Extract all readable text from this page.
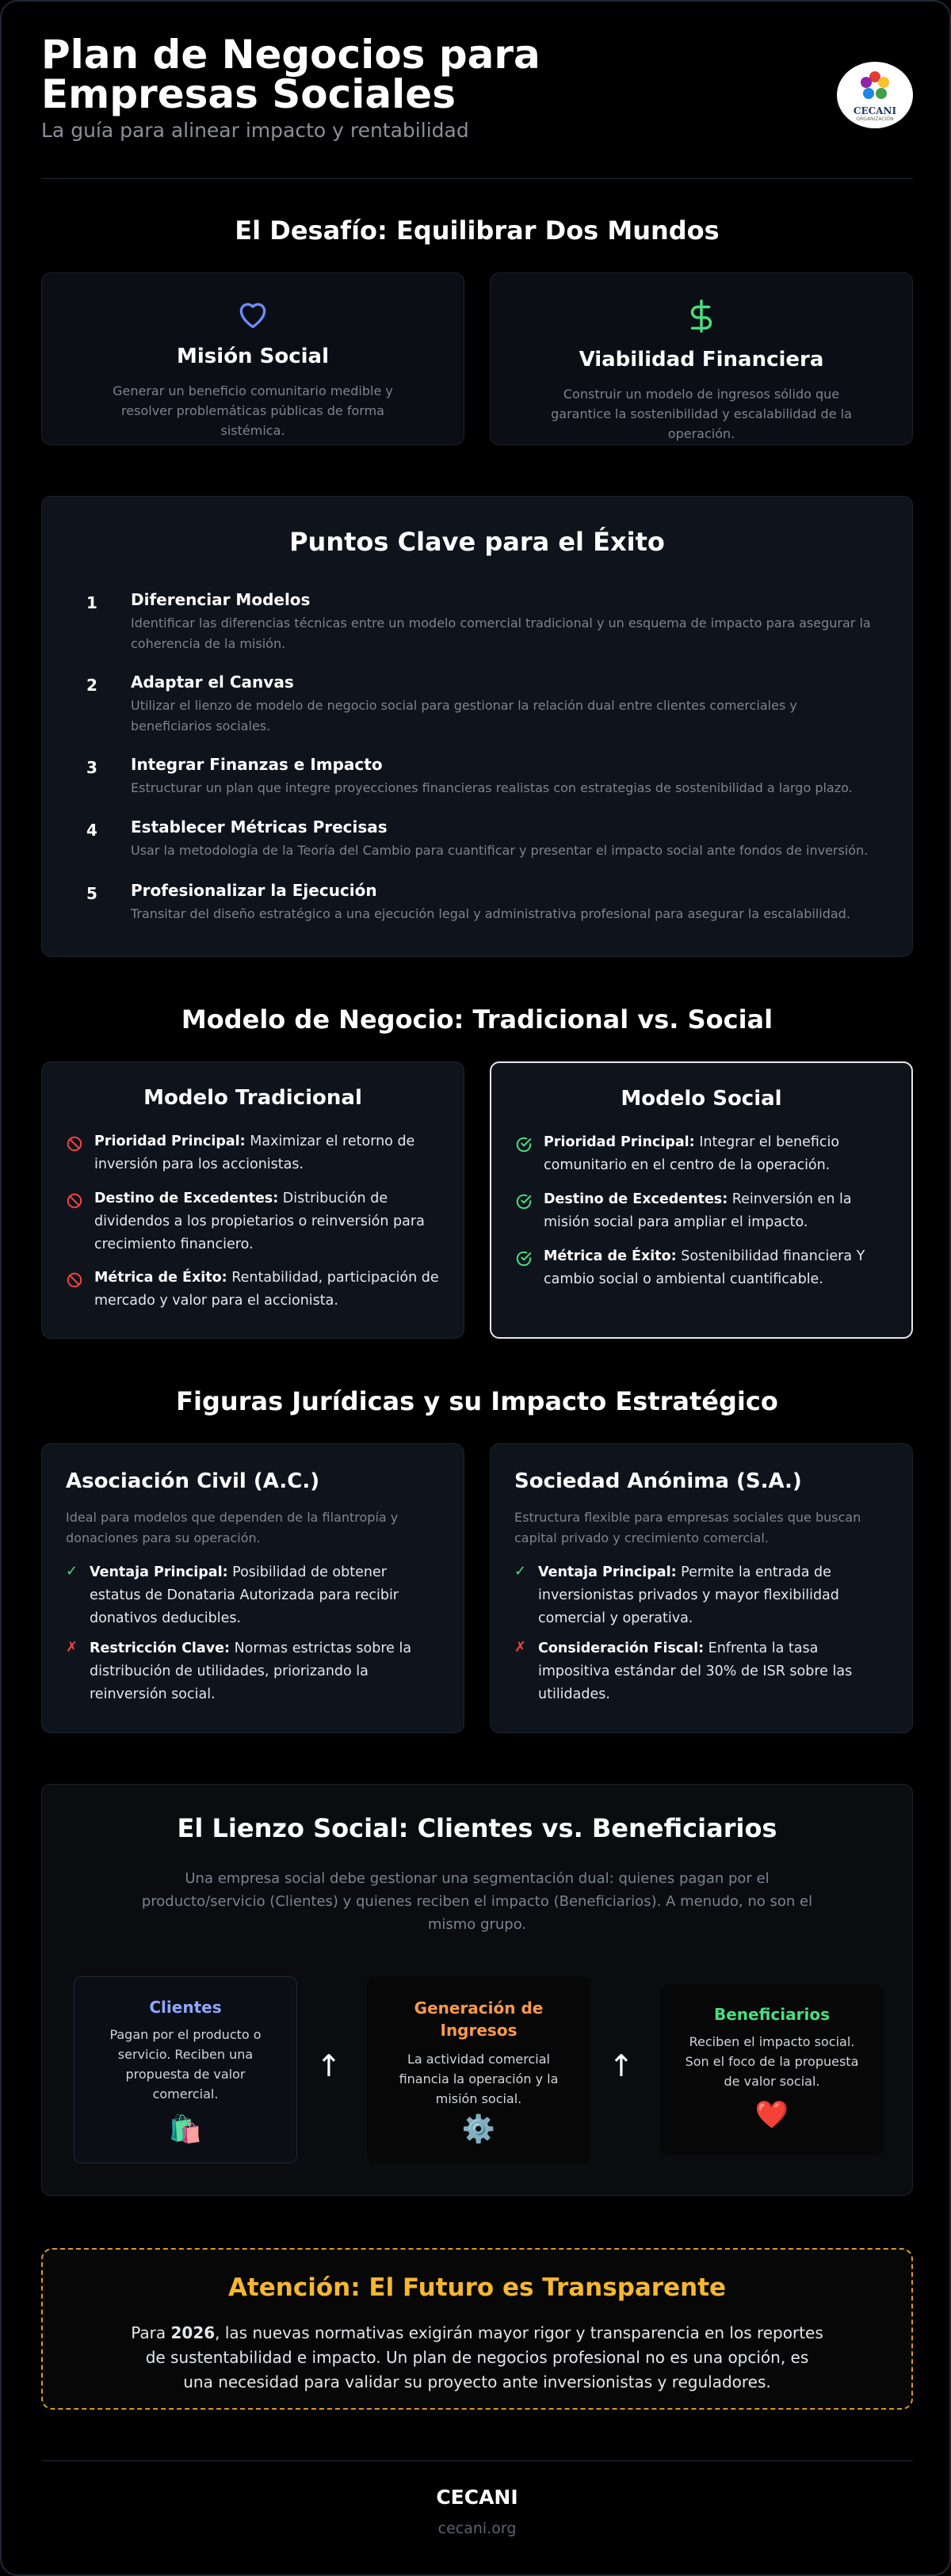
Plan de Negocios para Empresas Sociales
La guía para alinear impacto y rentabilidad
CECANI
ORGANIZACIÓN
El Desafío: Equilibrar Dos Mundos
Misión Social

Generar un beneficio comunitario medible y resolver problemáticas públicas de forma sistémica.

Viabilidad Financiera

Construir un modelo de ingresos sólido que garantice la sostenibilidad y escalabilidad de la operación.

Puntos Clave para el Éxito
1 Diferenciar Modelos

Identificar las diferencias técnicas entre un modelo comercial tradicional y un esquema de impacto para asegurar la coherencia de la misión.

2 Adaptar el Canvas

Utilizar el lienzo de modelo de negocio social para gestionar la relación dual entre clientes comerciales y beneficiarios sociales.

3 Integrar Finanzas e Impacto

Estructurar un plan que integre proyecciones financieras realistas con estrategias de sostenibilidad a largo plazo.

4 Establecer Métricas Precisas

Usar la metodología de la Teoría del Cambio para cuantificar y presentar el impacto social ante fondos de inversión.

5 Profesionalizar la Ejecución

Transitar del diseño estratégico a una ejecución legal y administrativa profesional para asegurar la escalabilidad.

Modelo de Negocio: Tradicional vs. Social
Modelo Tradicional
Prioridad Principal: Maximizar el retorno de inversión para los accionistas.
Destino de Excedentes: Distribución de dividendos a los propietarios o reinversión para crecimiento financiero.
Métrica de Éxito: Rentabilidad, participación de mercado y valor para el accionista.
Modelo Social
Prioridad Principal: Integrar el beneficio comunitario en el centro de la operación.
Destino de Excedentes: Reinversión en la misión social para ampliar el impacto.
Métrica de Éxito: Sostenibilidad financiera Y cambio social o ambiental cuantificable.
Figuras Jurídicas y su Impacto Estratégico
Asociación Civil (A.C.)
Ideal para modelos que dependen de la filantropía y donaciones para su operación.
✓ Ventaja Principal: Posibilidad de obtener estatus de Donataria Autorizada para recibir donativos deducibles.
✗ Restricción Clave: Normas estrictas sobre la distribución de utilidades, priorizando la reinversión social.
Sociedad Anónima (S.A.)
Estructura flexible para empresas sociales que buscan capital privado y crecimiento comercial.
✓ Ventaja Principal: Permite la entrada de inversionistas privados y mayor flexibilidad comercial y operativa.
✗ Consideración Fiscal: Enfrenta la tasa impositiva estándar del 30% de ISR sobre las utilidades.
El Lienzo Social: Clientes vs. Beneficiarios

Una empresa social debe gestionar una segmentación dual: quienes pagan por el producto/servicio (Clientes) y quienes reciben el impacto (Beneficiarios). A menudo, no son el mismo grupo.

Clientes

Pagan por el producto o servicio. Reciben una propuesta de valor comercial.

🛍️
↑
Generación de Ingresos

La actividad comercial financia la operación y la misión social.

⚙️
↑
Beneficiarios

Reciben el impacto social. Son el foco de la propuesta de valor social.

❤️
Atención: El Futuro es Transparente

Para 2026, las nuevas normativas exigirán mayor rigor y transparencia en los reportes de sustentabilidad e impacto. Un plan de negocios profesional no es una opción, es una necesidad para validar su proyecto ante inversionistas y reguladores.

CECANI
cecani.org
